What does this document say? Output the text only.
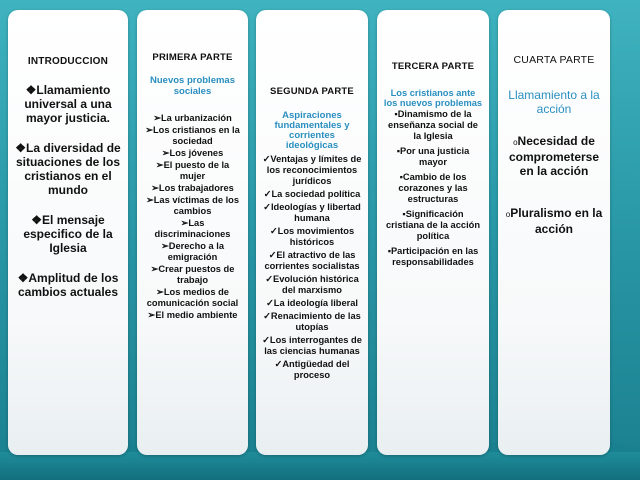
INTRODUCCION
❖Llamamiento universal a una mayor justicia.
❖La diversidad de situaciones de los cristianos en el mundo
❖El mensaje especifico de la Iglesia
❖Amplitud de los cambios actuales
PRIMERA PARTE
Nuevos problemas sociales
➢La urbanización
➢Los cristianos en la sociedad
➢Los jóvenes
➢El puesto de la mujer
➢Los trabajadores
➢Las víctimas de los cambios
➢Las discriminaciones
➢Derecho a la emigración
➢Crear puestos de trabajo
➢Los medios de comunicación social
➢El medio ambiente
SEGUNDA PARTE
Aspiraciones fundamentales y corrientes ideológicas
✓Ventajas y límites de los reconocimientos jurídicos
✓La sociedad política
✓Ideologías y libertad humana
✓Los movimientos históricos
✓El atractivo de las corrientes socialistas
✓Evolución histórica del marxismo
✓La ideología liberal
✓Renacimiento de las utopías
✓Los interrogantes de las ciencias humanas
✓Antigüedad del proceso
TERCERA PARTE
Los cristianos ante los nuevos problemas
▪Dinamismo de la enseñanza social de la Iglesia
▪Por una justicia mayor
▪Cambio de los corazones y las estructuras
▪Significación cristiana de la acción política
▪Participación en las responsabilidades
CUARTA PARTE
Llamamiento a la acción
oNecesidad de comprometerse en la acción
oPluralismo en la acción
